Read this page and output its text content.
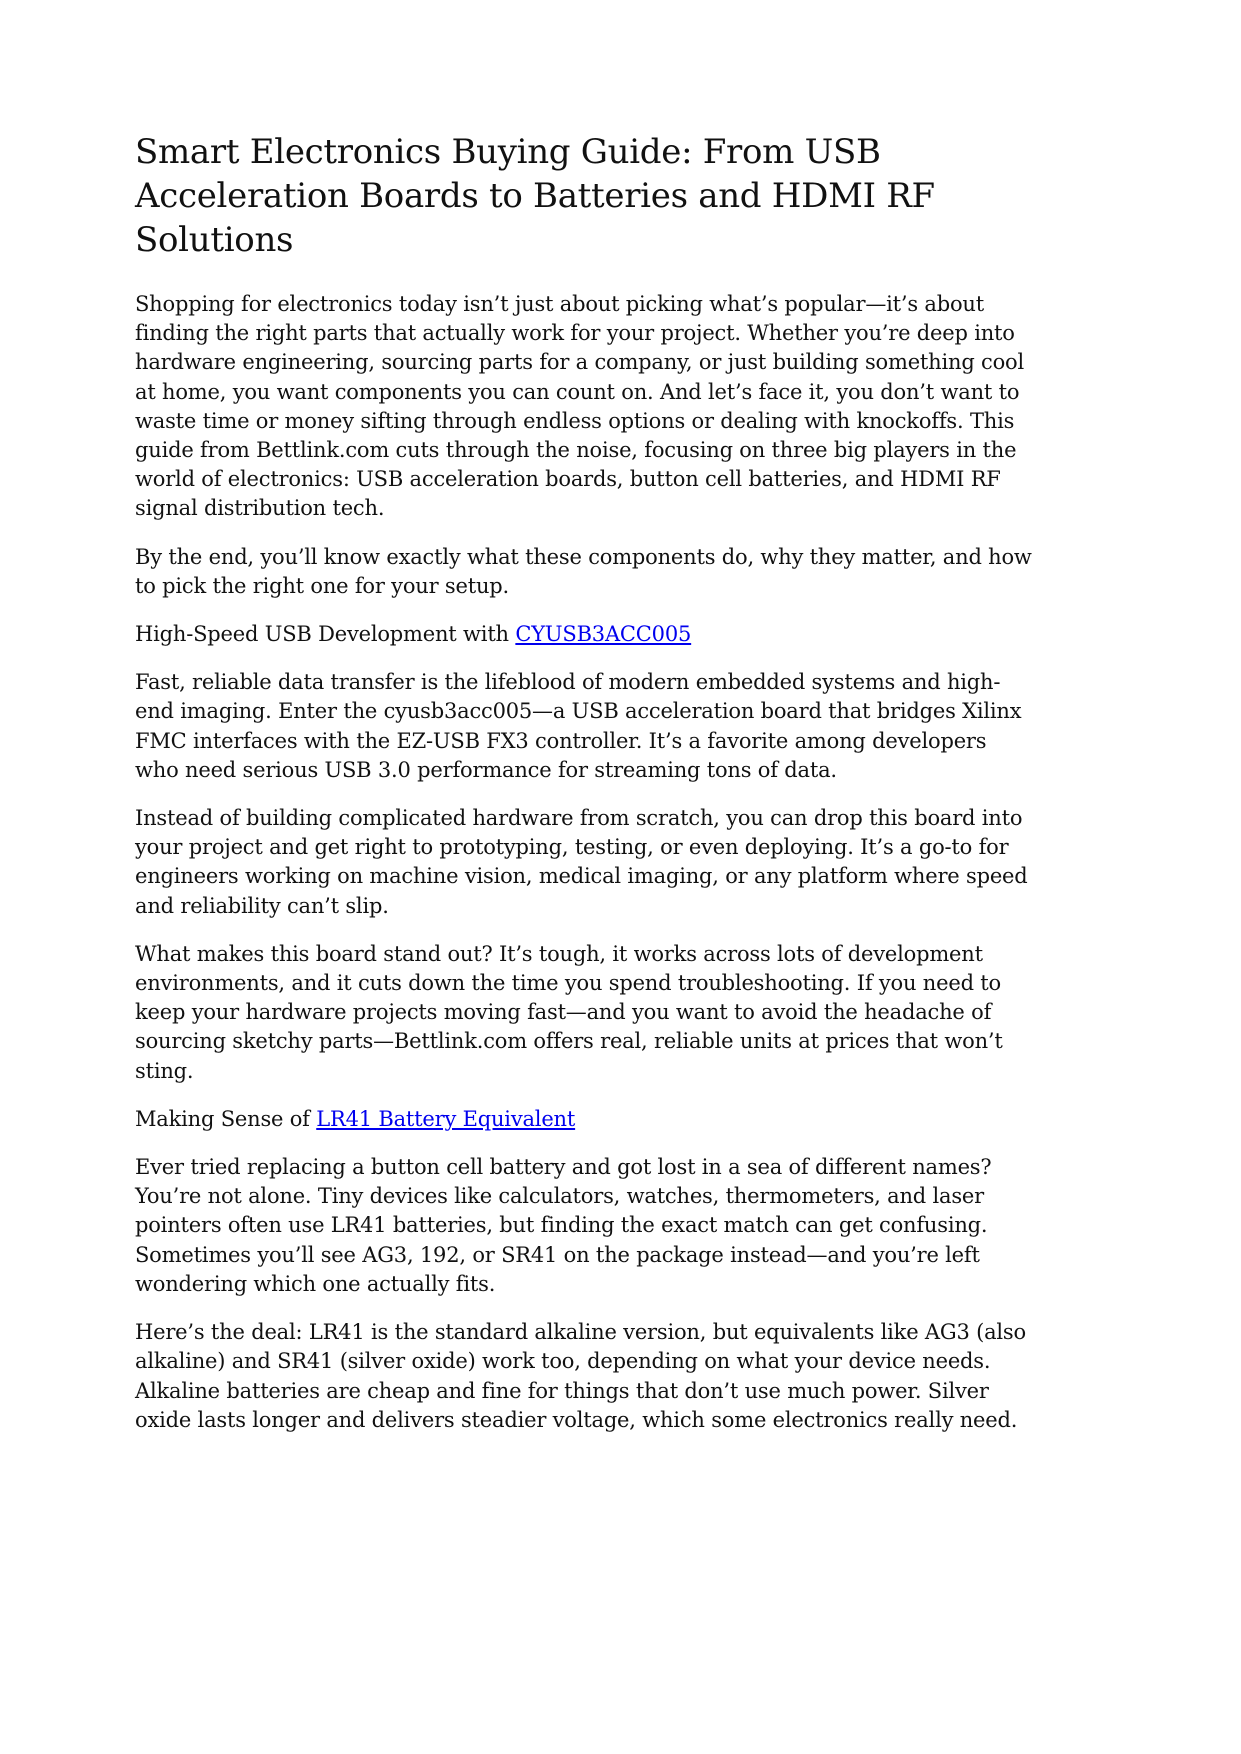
Smart Electronics Buying Guide: From USB
Acceleration Boards to Batteries and HDMI RF
Solutions

Shopping for electronics today isn’t just about picking what’s popular—it’s about
finding the right parts that actually work for your project. Whether you’re deep into
hardware engineering, sourcing parts for a company, or just building something cool
at home, you want components you can count on. And let’s face it, you don’t want to
waste time or money sifting through endless options or dealing with knockoffs. This
guide from Bettlink.com cuts through the noise, focusing on three big players in the
world of electronics: USB acceleration boards, button cell batteries, and HDMI RF
signal distribution tech.

By the end, you’ll know exactly what these components do, why they matter, and how
to pick the right one for your setup.

High-Speed USB Development with CYUSB3ACC005

Fast, reliable data transfer is the lifeblood of modern embedded systems and high-
end imaging. Enter the cyusb3acc005—a USB acceleration board that bridges Xilinx
FMC interfaces with the EZ-USB FX3 controller. It’s a favorite among developers
who need serious USB 3.0 performance for streaming tons of data.

Instead of building complicated hardware from scratch, you can drop this board into
your project and get right to prototyping, testing, or even deploying. It’s a go-to for
engineers working on machine vision, medical imaging, or any platform where speed
and reliability can’t slip.

What makes this board stand out? It’s tough, it works across lots of development
environments, and it cuts down the time you spend troubleshooting. If you need to
keep your hardware projects moving fast—and you want to avoid the headache of
sourcing sketchy parts—Bettlink.com offers real, reliable units at prices that won’t
sting.

Making Sense of LR41 Battery Equivalent

Ever tried replacing a button cell battery and got lost in a sea of different names?
You’re not alone. Tiny devices like calculators, watches, thermometers, and laser
pointers often use LR41 batteries, but finding the exact match can get confusing.
Sometimes you’ll see AG3, 192, or SR41 on the package instead—and you’re left
wondering which one actually fits.

Here’s the deal: LR41 is the standard alkaline version, but equivalents like AG3 (also
alkaline) and SR41 (silver oxide) work too, depending on what your device needs.
Alkaline batteries are cheap and fine for things that don’t use much power. Silver
oxide lasts longer and delivers steadier voltage, which some electronics really need.
